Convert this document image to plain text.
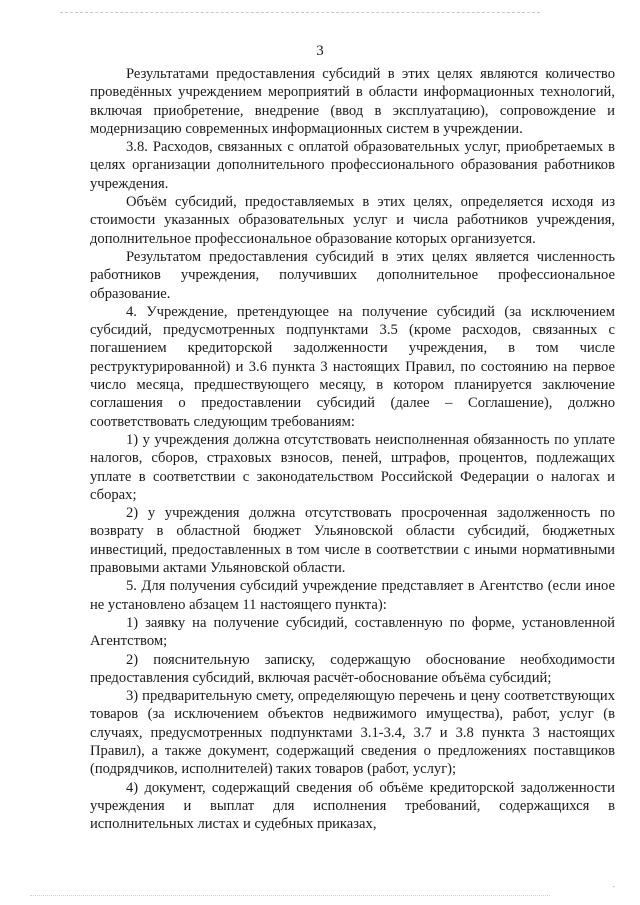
3

Результатами предоставления субсидий в этих целях являются количество проведённых учреждением мероприятий в области информационных технологий, включая приобретение, внедрение (ввод в эксплуатацию), сопровождение и модернизацию современных информационных систем в учреждении.

3.8. Расходов, связанных с оплатой образовательных услуг, приобретаемых в целях организации дополнительного профессионального образования работников учреждения.

Объём субсидий, предоставляемых в этих целях, определяется исходя из стоимости указанных образовательных услуг и числа работников учреждения, дополнительное профессиональное образование которых организуется.

Результатом предоставления субсидий в этих целях является численность работников учреждения, получивших дополнительное профессиональное образование.

4. Учреждение, претендующее на получение субсидий (за исключением субсидий, предусмотренных подпунктами 3.5 (кроме расходов, связанных с погашением кредиторской задолженности учреждения, в том числе реструктурированной) и 3.6 пункта 3 настоящих Правил, по состоянию на первое число месяца, предшествующего месяцу, в котором планируется заключение соглашения о предоставлении субсидий (далее – Соглашение), должно соответствовать следующим требованиям:

1) у учреждения должна отсутствовать неисполненная обязанность по уплате налогов, сборов, страховых взносов, пеней, штрафов, процентов, подлежащих уплате в соответствии с законодательством Российской Федерации о налогах и сборах;

2) у учреждения должна отсутствовать просроченная задолженность по возврату в областной бюджет Ульяновской области субсидий, бюджетных инвестиций, предоставленных в том числе в соответствии с иными нормативными правовыми актами Ульяновской области.

5. Для получения субсидий учреждение представляет в Агентство (если иное не установлено абзацем 11 настоящего пункта):

1) заявку на получение субсидий, составленную по форме, установленной Агентством;

2) пояснительную записку, содержащую обоснование необходимости предоставления субсидий, включая расчёт-обоснование объёма субсидий;

3) предварительную смету, определяющую перечень и цену соответствующих товаров (за исключением объектов недвижимого имущества), работ, услуг (в случаях, предусмотренных подпунктами 3.1-3.4, 3.7 и 3.8 пункта 3 настоящих Правил), а также документ, содержащий сведения о предложениях поставщиков (подрядчиков, исполнителей) таких товаров (работ, услуг);

4) документ, содержащий сведения об объёме кредиторской задолженности учреждения и выплат для исполнения требований, содержащихся в исполнительных листах и судебных приказах,

⋅
